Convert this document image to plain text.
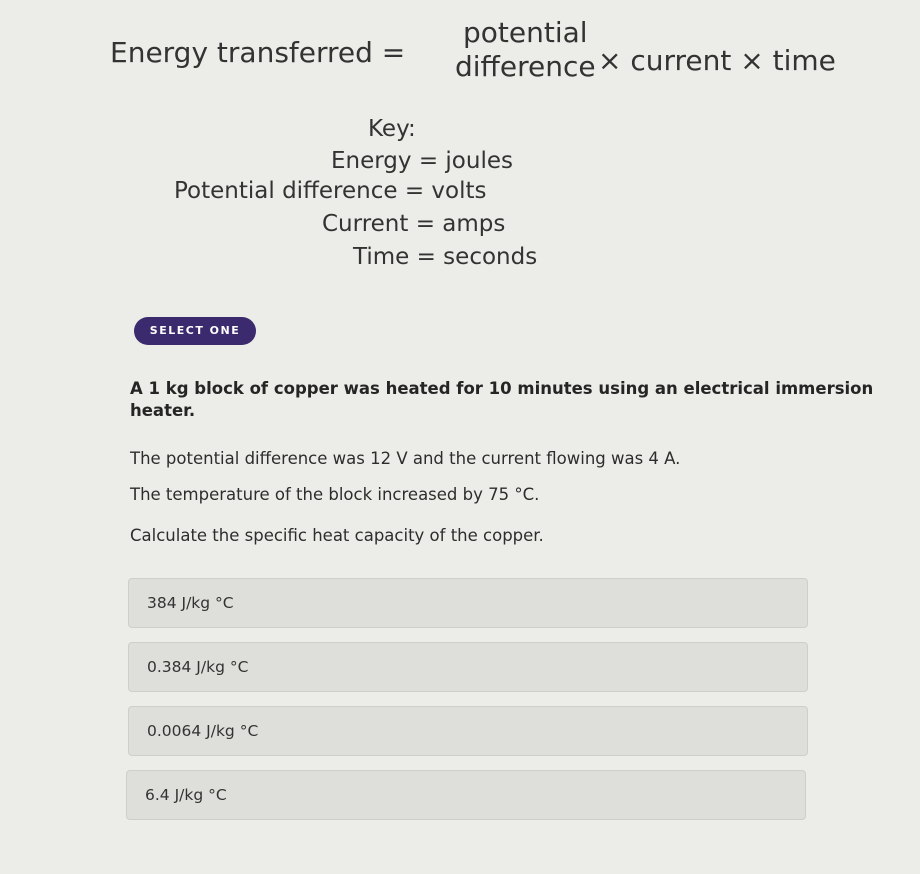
Energy transferred =
potential
difference × current × time
Key:
Energy = joules
Potential difference = volts
Current = amps
Time = seconds
SELECT ONE
A 1 kg block of copper was heated for 10 minutes using an electrical immersion
heater.
The potential difference was 12 V and the current flowing was 4 A.
The temperature of the block increased by 75 °C.
Calculate the specific heat capacity of the copper.
384 J/kg °C
0.384 J/kg °C
0.0064 J/kg °C
6.4 J/kg °C
